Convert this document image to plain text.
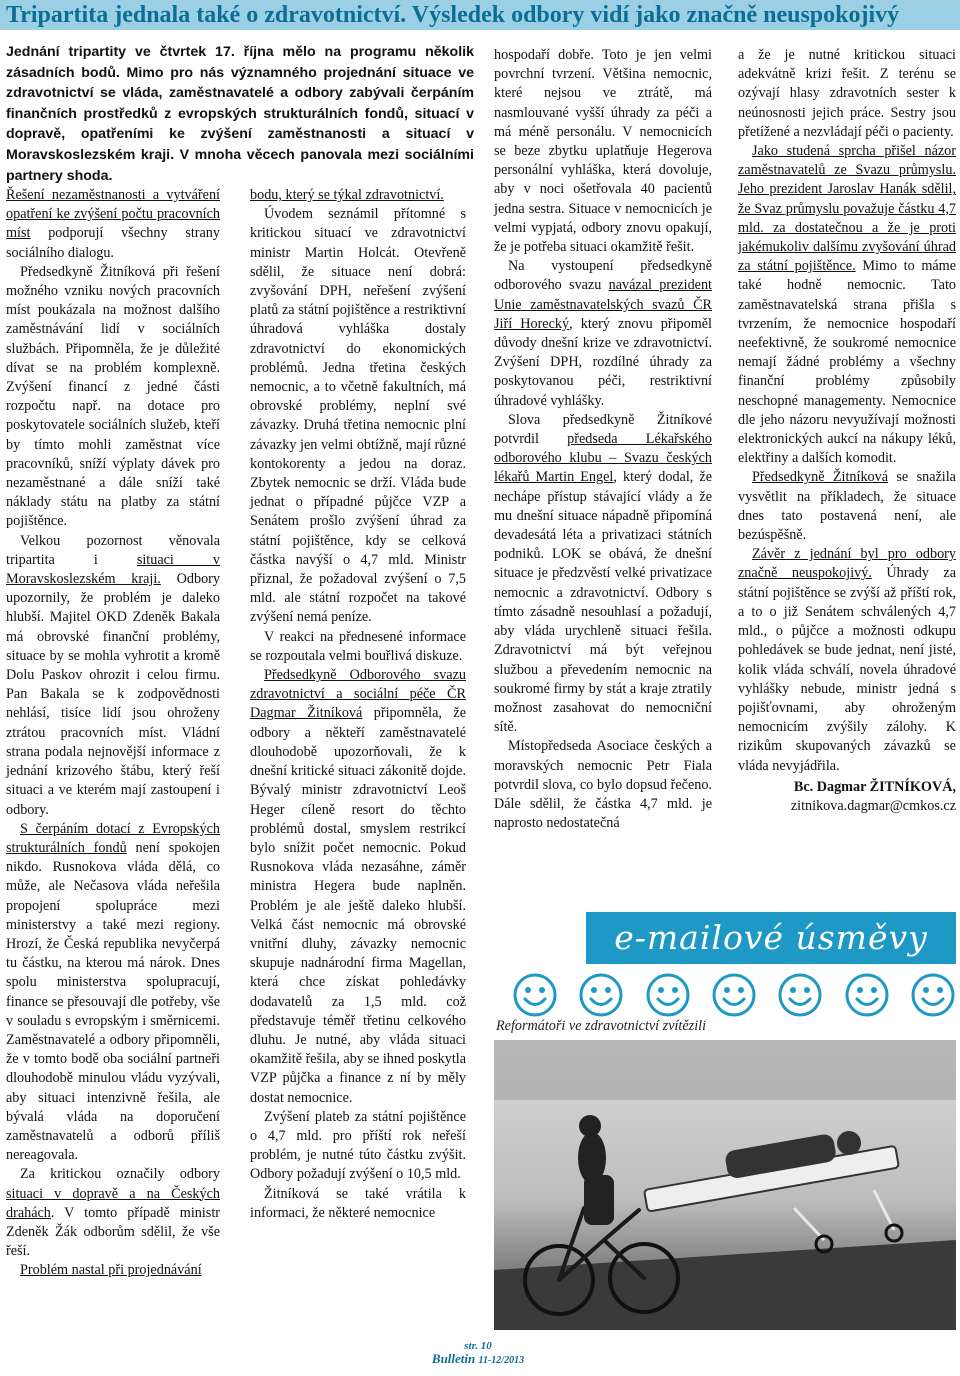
Tripartita jednala také o zdravotnictví. Výsledek odbory vidí jako značně neuspokojivý
Jednání tripartity ve čtvrtek 17. října mělo na programu několik zásadních bodů. Mimo pro nás významného projednání situace ve zdravotnictví se vláda, zaměstnavatelé a odbory zabývali čerpáním finančních prostředků z evropských strukturálních fondů, situací v dopravě, opatřeními ke zvýšení zaměstnanosti a situací v Moravskoslezském kraji. V mnoha věcech panovala mezi sociálními partnery shoda.

Řešení nezaměstnanosti a vytváření opatření ke zvýšení počtu pracovních míst podporují všechny strany sociálního dialogu.

Předsedkyně Žitníková při řešení možného vzniku nových pracovních míst poukázala na možnost dalšího zaměstnávání lidí v sociálních službách. Připomněla, že je důležité dívat se na problém komplexně. Zvýšení financí z jedné části rozpočtu např. na dotace pro poskytovatele sociálních služeb, kteří by tímto mohli zaměstnat více pracovníků, sníží výplaty dávek pro nezaměstnané a dále sníží také náklady státu na platby za státní pojištěnce.

Velkou pozornost věnovala tripartita i situaci v Moravskoslezském kraji. Odbory upozornily, že problém je daleko hlubší. Majitel OKD Zdeněk Bakala má obrovské finanční problémy, situace by se mohla vyhrotit a kromě Dolu Paskov ohrozit i celou firmu. Pan Bakala se k zodpovědnosti nehlásí, tisíce lidí jsou ohroženy ztrátou pracovních míst. Vládní strana podala nejnovější informace z jednání krizového štábu, který řeší situaci a ve kterém mají zastoupení i odbory.

S čerpáním dotací z Evropských strukturálních fondů není spokojen nikdo. Rusnokova vláda dělá, co může, ale Nečasova vláda neřešila propojení spolupráce mezi ministerstvy a také mezi regiony. Hrozí, že Česká republika nevyčerpá tu částku, na kterou má nárok. Dnes spolu ministerstva spolupracují, finance se přesouvají dle potřeby, vše v souladu s evropským i směrnicemi. Zaměstnavatelé a odbory připomněli, že v tomto bodě oba sociální partneři dlouhodobě minulou vládu vyzývali, aby situaci intenzivně řešila, ale bývalá vláda na doporučení zaměstnavatelů a odborů příliš nereagovala.

Za kritickou označily odbory situaci v dopravě a na Českých drahách. V tomto případě ministr Zdeněk Žák odborům sdělil, že vše řeší.

Problém nastal při projednávání

bodu, který se týkal zdravotnictví.

Úvodem seznámil přítomné s kritickou situací ve zdravotnictví ministr Martin Holcát. Otevřeně sdělil, že situace není dobrá: zvyšování DPH, neřešení zvýšení platů za státní pojištěnce a restriktivní úhradová vyhláška dostaly zdravotnictví do ekonomických problémů. Jedna třetina českých nemocnic, a to včetně fakultních, má obrovské problémy, neplní své závazky. Druhá třetina nemocnic plní závazky jen velmi obtížně, mají různé kontokorenty a jedou na doraz. Zbytek nemocnic se drží. Vláda bude jednat o případné půjčce VZP a Senátem prošlo zvýšení úhrad za státní pojištěnce, kdy se celková částka navýší o 4,7 mld. Ministr přiznal, že požadoval zvýšení o 7,5 mld. ale státní rozpočet na takové zvýšení nemá peníze.

V reakci na přednesené informace se rozpoutala velmi bouřlivá diskuze.

Předsedkyně Odborového svazu zdravotnictví a sociální péče ČR Dagmar Žitníková připomněla, že odbory a někteří zaměstnavatelé dlouhodobě upozorňovali, že k dnešní kritické situaci zákonitě dojde. Bývalý ministr zdravotnictví Leoš Heger cíleně resort do těchto problémů dostal, smyslem restrikcí bylo snížit počet nemocnic. Pokud Rusnokova vláda nezasáhne, záměr ministra Hegera bude naplněn. Problém je ale ještě daleko hlubší. Velká část nemocnic má obrovské vnitřní dluhy, závazky nemocnic skupuje nadnárodní firma Magellan, která chce získat pohledávky dodavatelů za 1,5 mld. což představuje téměř třetinu celkového dluhu. Je nutné, aby vláda situaci okamžitě řešila, aby se ihned poskytla VZP půjčka a finance z ní by měly dostat nemocnice.

Zvýšení plateb za státní pojištěnce o 4,7 mld. pro příští rok neřeší problém, je nutné túto částku zvýšit. Odbory požadují zvýšení o 10,5 mld.

Žitníková se také vrátila k informaci, že některé nemocnice

hospodaří dobře. Toto je jen velmi povrchní tvrzení. Většina nemocnic, které nejsou ve ztrátě, má nasmlouvané vyšší úhrady za péči a má méně personálu. V nemocnicích se beze zbytku uplatňuje Hegerova personální vyhláška, která dovoluje, aby v noci ošetřovala 40 pacientů jedna sestra. Situace v nemocnicích je velmi vypjatá, odbory znovu opakují, že je potřeba situaci okamžitě řešit.

Na vystoupení předsedkyně odborového svazu navázal prezident Unie zaměstnavatelských svazů ČR Jiří Horecký, který znovu připoměl důvody dnešní krize ve zdravotnictví. Zvýšení DPH, rozdílné úhrady za poskytovanou péči, restriktivní úhradové vyhlášky.

Slova předsedkyně Žitníkové potvrdil předseda Lékařského odborového klubu – Svazu českých lékařů Martin Engel, který dodal, že nechápe přístup stávající vlády a že mu dnešní situace nápadně připomíná devadesátá léta a privatizaci státních podniků. LOK se obává, že dnešní situace je předzvěstí velké privatizace nemocnic a zdravotnictví. Odbory s tímto zásadně nesouhlasí a požadují, aby vláda urychleně situaci řešila. Zdravotnictví má být veřejnou službou a převedením nemocnic na soukromé firmy by stát a kraje ztratily možnost zasahovat do nemocniční sítě.

Místopředseda Asociace českých a moravských nemocnic Petr Fiala potvrdil slova, co bylo dopsud řečeno. Dále sdělil, že částka 4,7 mld. je naprosto nedostatečná

a že je nutné kritickou situaci adekvátně krizi řešit. Z terénu se ozývají hlasy zdravotních sester k neúnosnosti jejich práce. Sestry jsou přetížené a nezvládají péči o pacienty.

Jako studená sprcha přišel názor zaměstnavatelů ze Svazu průmyslu. Jeho prezident Jaroslav Hanák sdělil, že Svaz průmyslu považuje částku 4,7 mld. za dostatečnou a že je proti jakémukoliv dalšímu zvyšování úhrad za státní pojištěnce. Mimo to máme také hodně nemocnic. Tato zaměstnavatelská strana přišla s tvrzením, že nemocnice hospodaří neefektivně, že soukromé nemocnice nemají žádné problémy a všechny finanční problémy způsobily neschopné managementy. Nemocnice dle jeho názoru nevyužívají možnosti elektronických aukcí na nákupy léků, elektřiny a dalších komodit.

Předsedkyně Žitníková se snažila vysvětlit na příkladech, že situace dnes tato postavená není, ale bezúspěšně.

Závěr z jednání byl pro odbory značně neuspokojivý. Úhrady za státní pojištěnce se zvýší až příští rok, a to o již Senátem schválených 4,7 mld., o půjčce a možnosti odkupu pohledávek se bude jednat, není jisté, kolik vláda schválí, novela úhradové vyhlášky nebude, ministr jedná s pojišťovnami, aby ohroženým nemocnicím zvýšily zálohy. K rizikům skupovaných závazků se vláda nevyjádřila.

Bc. Dagmar ŽITNÍKOVÁ,

zitnikova.dagmar@cmkos.cz

e-mailové úsměvy
Reformátoři ve zdravotnictví zvítězili
str. 10
Bulletin 11-12/2013
